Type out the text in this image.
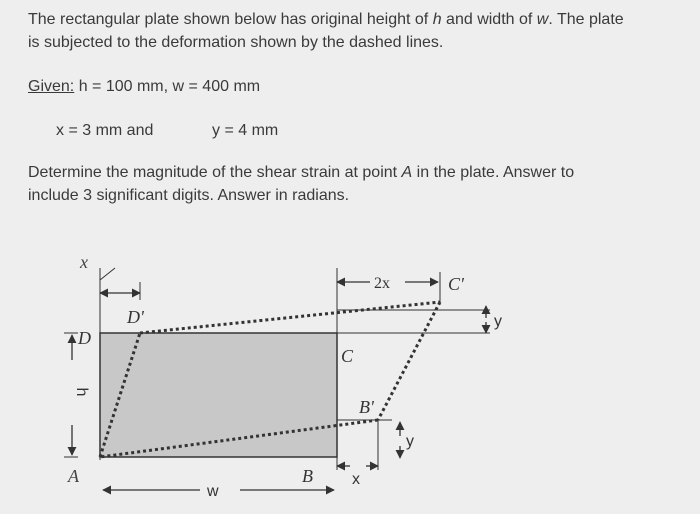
The rectangular plate shown below has original height of h and width of w. The plate
is subjected to the deformation shown by the dashed lines.

Given: h = 100 mm, w = 400 mm

x = 3 mm and	y = 4 mm

Determine the magnitude of the shear strain at point A in the plate. Answer to
include 3 significant digits. Answer in radians.

x
D'
D
C
C'
B'
B
A
2x
y
y
x
w
h
